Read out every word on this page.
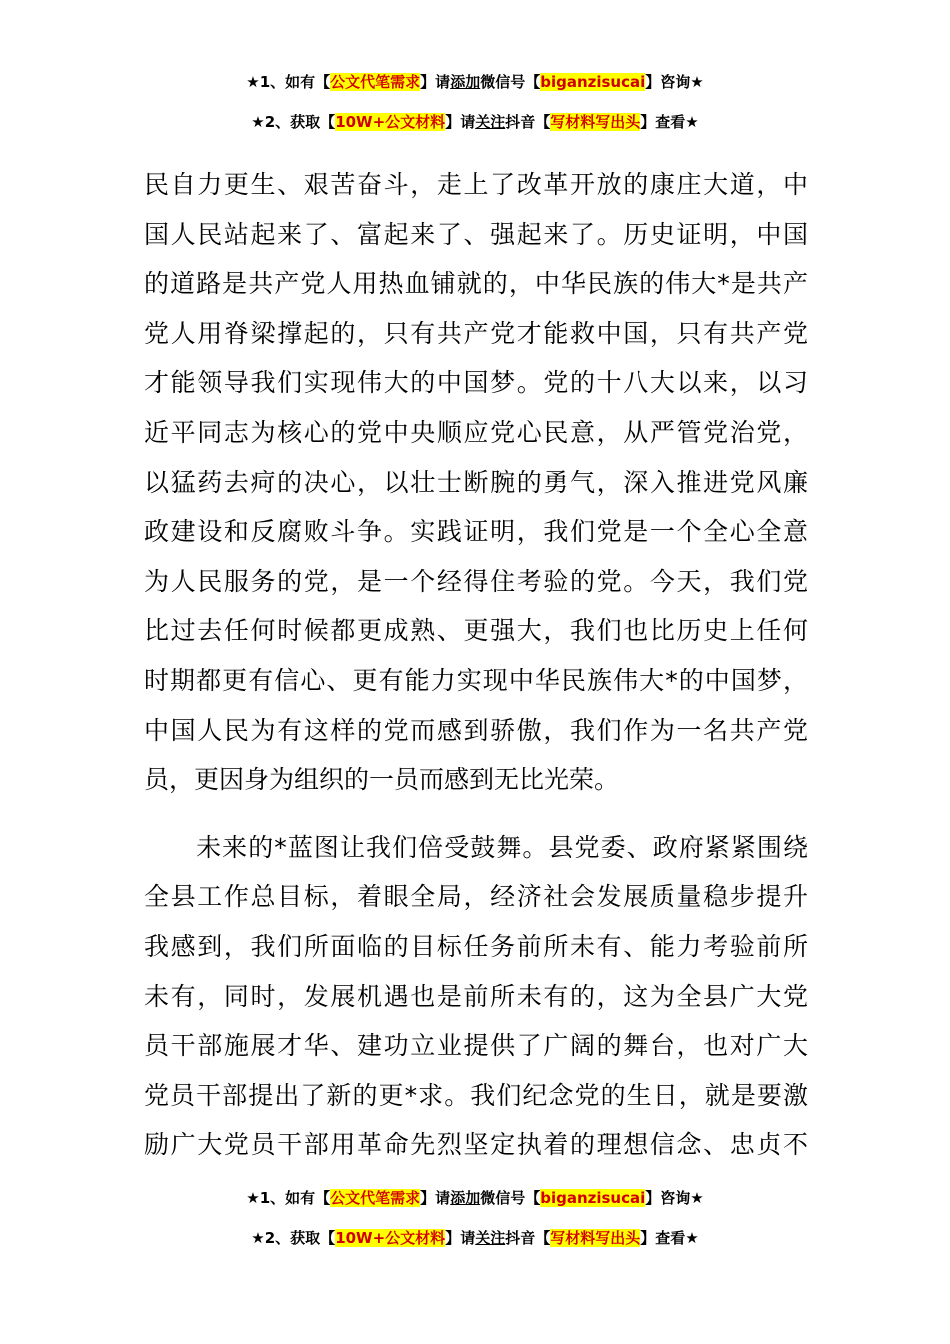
★1、如有【公文代笔需求】请添加微信号【biganzisucai】咨询★
★2、获取【10W+公文材料】请关注抖音【写材料写出头】查看★
民自力更生、艰苦奋斗，走上了改革开放的康庄大道，中
国人民站起来了、富起来了、强起来了。历史证明，中国
的道路是共产党人用热血铺就的，中华民族的伟大*是共产
党人用脊梁撑起的，只有共产党才能救中国，只有共产党
才能领导我们实现伟大的中国梦。党的十八大以来，以习
近平同志为核心的党中央顺应党心民意，从严管党治党，
以猛药去疴的决心，以壮士断腕的勇气，深入推进党风廉
政建设和反腐败斗争。实践证明，我们党是一个全心全意
为人民服务的党，是一个经得住考验的党。今天，我们党
比过去任何时候都更成熟、更强大，我们也比历史上任何
时期都更有信心、更有能力实现中华民族伟大*的中国梦，
中国人民为有这样的党而感到骄傲，我们作为一名共产党
员，更因身为组织的一员而感到无比光荣。
　　未来的*蓝图让我们倍受鼓舞。县党委、政府紧紧围绕
全县工作总目标，着眼全局，经济社会发展质量稳步提升
我感到，我们所面临的目标任务前所未有、能力考验前所
未有，同时，发展机遇也是前所未有的，这为全县广大党
员干部施展才华、建功立业提供了广阔的舞台，也对广大
党员干部提出了新的更*求。我们纪念党的生日，就是要激
励广大党员干部用革命先烈坚定执着的理想信念、忠贞不
★1、如有【公文代笔需求】请添加微信号【biganzisucai】咨询★
★2、获取【10W+公文材料】请关注抖音【写材料写出头】查看★
